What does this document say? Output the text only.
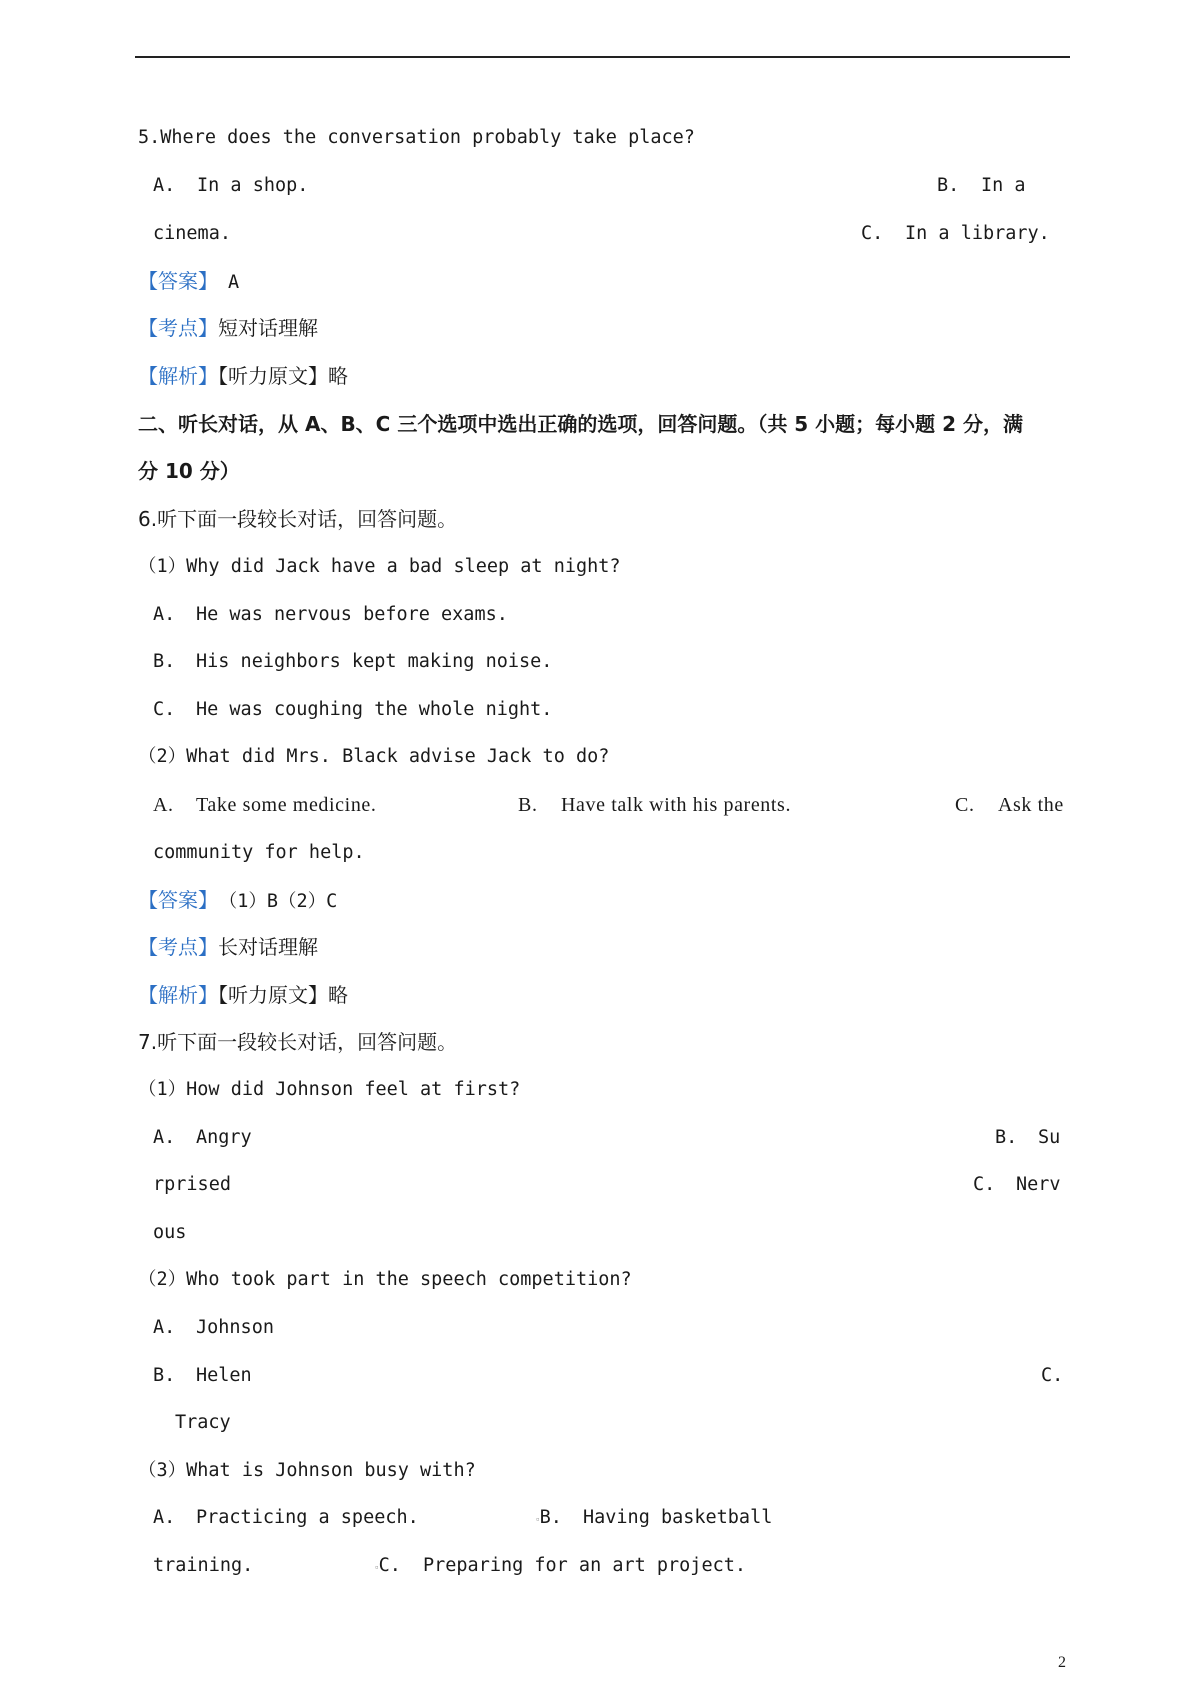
5.Where does the conversation probably take place?
A. In a shop.	B. In a
cinema.	C. In a library.
【答案】 A
【考点】短对话理解
【解析】【听力原文】略
二、听长对话，从 A、B、C 三个选项中选出正确的选项，回答问题。（共 5 小题；每小题 2 分，满
分 10 分）
6.听下面一段较长对话，回答问题。
（1）Why did Jack have a bad sleep at night?
A. He was nervous before exams.
B. His neighbors kept making noise.
C. He was coughing the whole night.
（2）What did Mrs. Black advise Jack to do?
A. Take some medicine.	B. Have talk with his parents.	C. Ask the
community for help.
【答案】 （1）B（2）C
【考点】长对话理解
【解析】【听力原文】略
7.听下面一段较长对话，回答问题。
（1）How did Johnson feel at first?
A. Angry	B. Su
rprised	C. Nerv
ous
（2）Who took part in the speech competition?
A. Johnson
B. Helen	C.
Tracy
（3）What is Johnson busy with?
A. Practicing a speech.	▫B. Having basketball
training.	▫C. Preparing for an art project.
2
